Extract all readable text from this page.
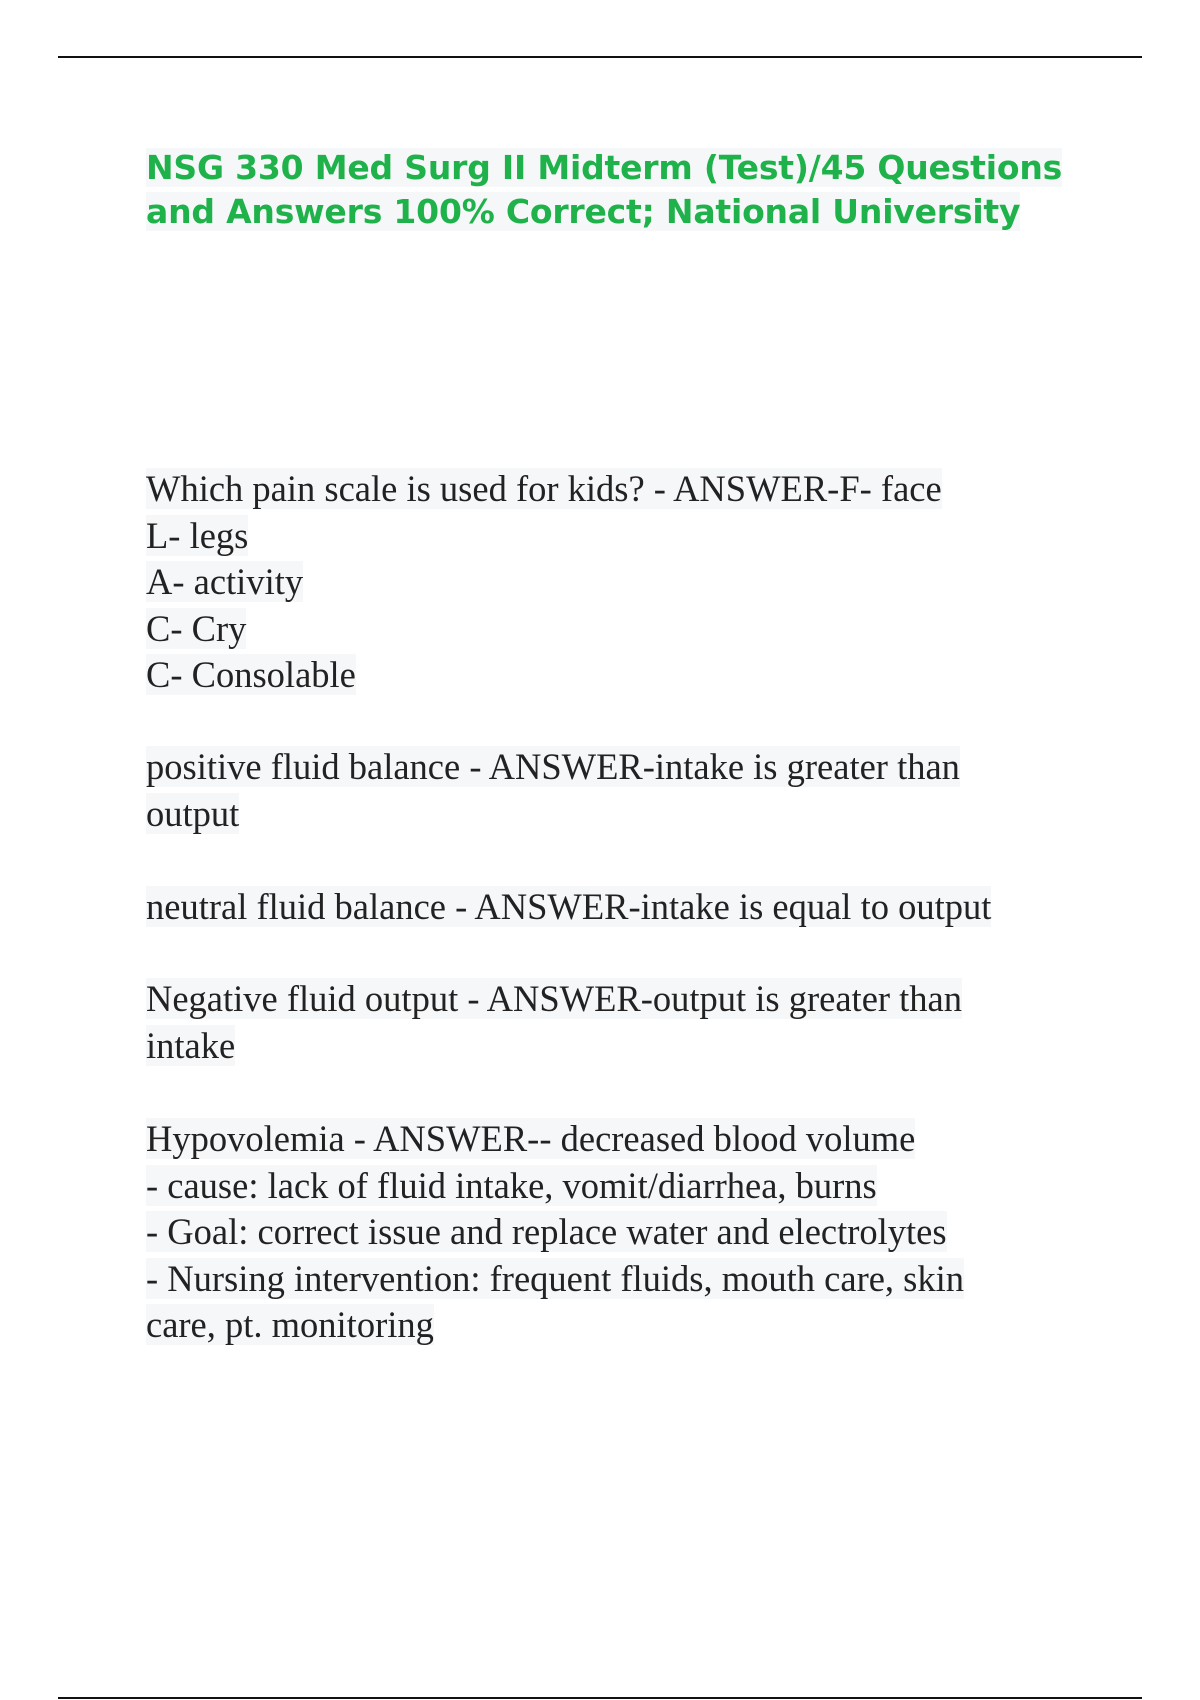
NSG 330 Med Surg II Midterm (Test)/45 Questions
and Answers 100% Correct; National University
Which pain scale is used for kids? - ANSWER-F- face
L- legs
A- activity
C- Cry
C- Consolable
positive fluid balance - ANSWER-intake is greater than
output
neutral fluid balance - ANSWER-intake is equal to output
Negative fluid output - ANSWER-output is greater than
intake
Hypovolemia - ANSWER-- decreased blood volume
- cause: lack of fluid intake, vomit/diarrhea, burns
- Goal: correct issue and replace water and electrolytes
- Nursing intervention: frequent fluids, mouth care, skin
care, pt. monitoring
